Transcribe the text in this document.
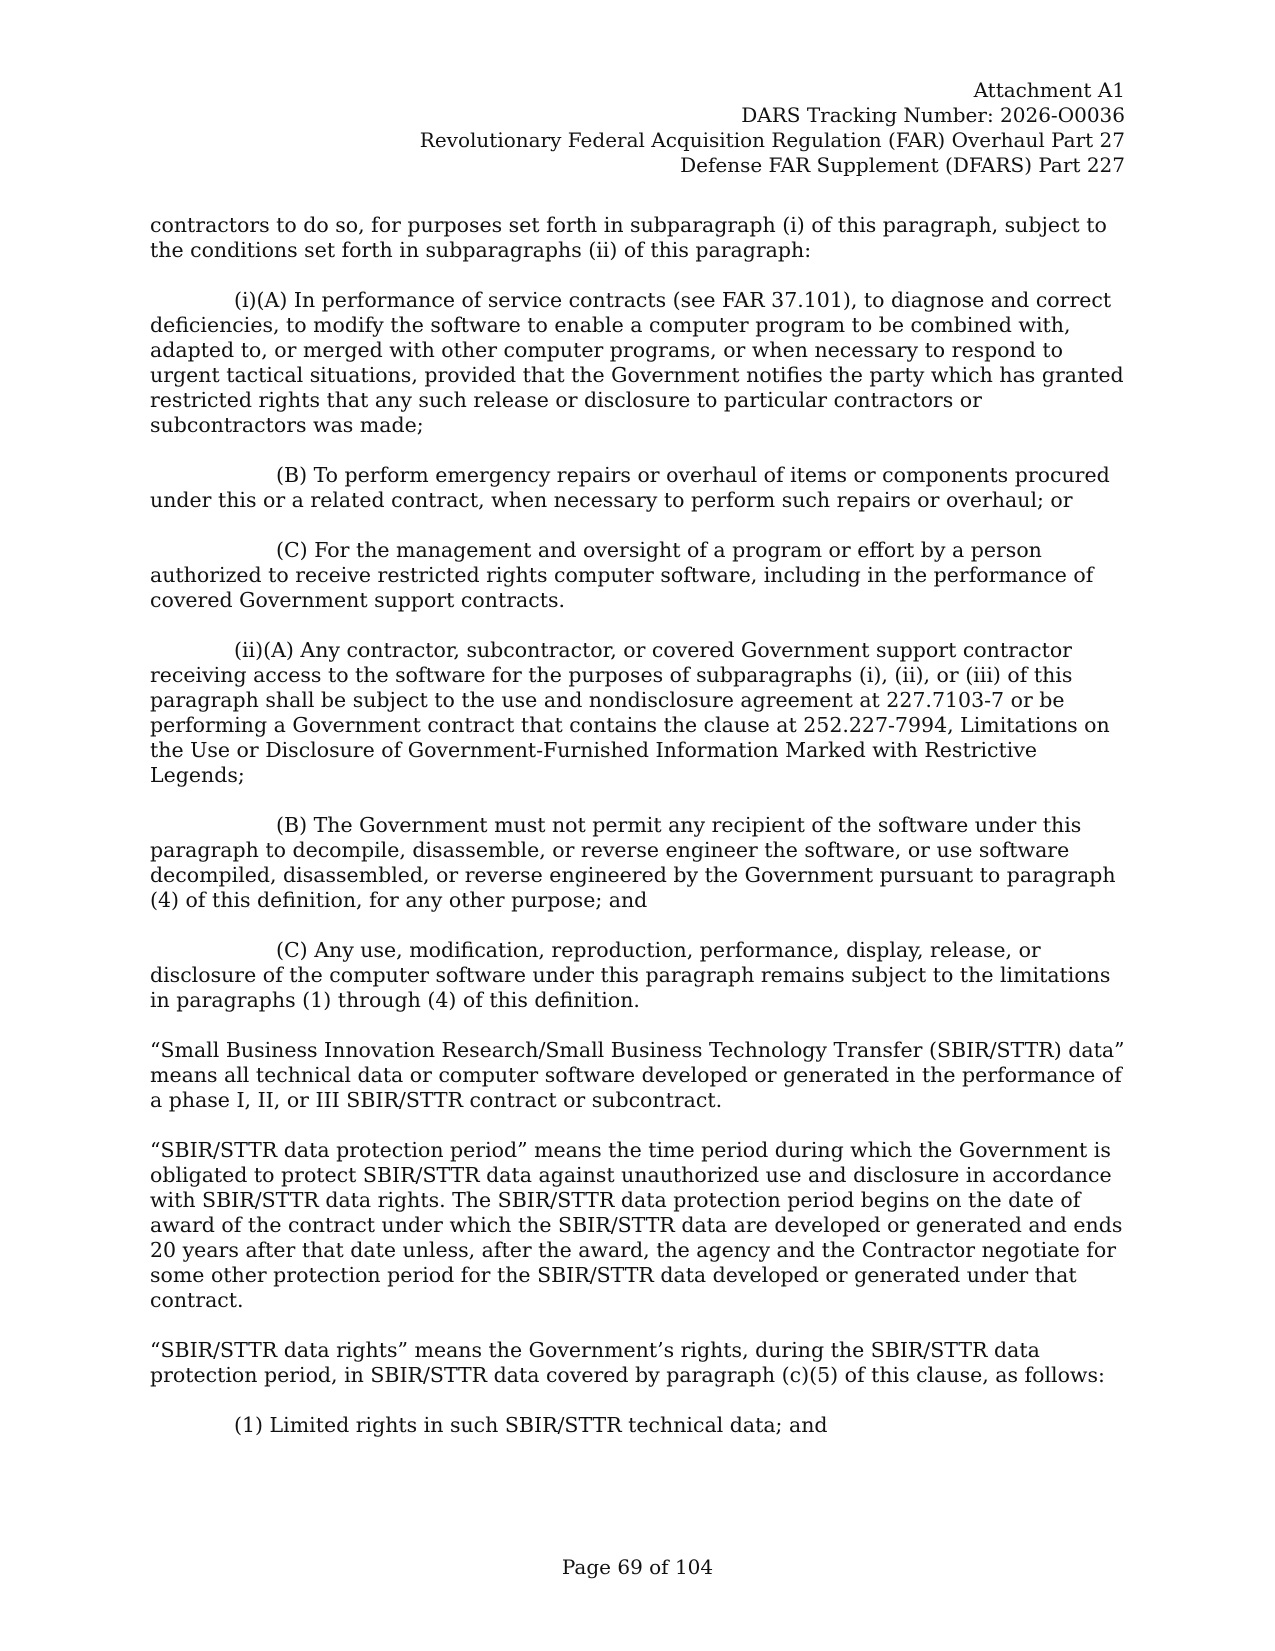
Attachment A1
DARS Tracking Number: 2026-O0036
Revolutionary Federal Acquisition Regulation (FAR) Overhaul Part 27
Defense FAR Supplement (DFARS) Part 227

contractors to do so, for purposes set forth in subparagraph (i) of this paragraph, subject to the conditions set forth in subparagraphs (ii) of this paragraph:

(i)(A) In performance of service contracts (see FAR 37.101), to diagnose and correct deficiencies, to modify the software to enable a computer program to be combined with, adapted to, or merged with other computer programs, or when necessary to respond to urgent tactical situations, provided that the Government notifies the party which has granted restricted rights that any such release or disclosure to particular contractors or subcontractors was made;

(B) To perform emergency repairs or overhaul of items or components procured under this or a related contract, when necessary to perform such repairs or overhaul; or

(C) For the management and oversight of a program or effort by a person authorized to receive restricted rights computer software, including in the performance of covered Government support contracts.

(ii)(A) Any contractor, subcontractor, or covered Government support contractor receiving access to the software for the purposes of subparagraphs (i), (ii), or (iii) of this paragraph shall be subject to the use and nondisclosure agreement at 227.7103-7 or be performing a Government contract that contains the clause at 252.227-7994, Limitations on the Use or Disclosure of Government-Furnished Information Marked with Restrictive Legends;

(B) The Government must not permit any recipient of the software under this paragraph to decompile, disassemble, or reverse engineer the software, or use software decompiled, disassembled, or reverse engineered by the Government pursuant to paragraph (4) of this definition, for any other purpose; and

(C) Any use, modification, reproduction, performance, display, release, or disclosure of the computer software under this paragraph remains subject to the limitations in paragraphs (1) through (4) of this definition.

“Small Business Innovation Research/Small Business Technology Transfer (SBIR/STTR) data” means all technical data or computer software developed or generated in the performance of a phase I, II, or III SBIR/STTR contract or subcontract.

“SBIR/STTR data protection period” means the time period during which the Government is obligated to protect SBIR/STTR data against unauthorized use and disclosure in accordance with SBIR/STTR data rights. The SBIR/STTR data protection period begins on the date of award of the contract under which the SBIR/STTR data are developed or generated and ends 20 years after that date unless, after the award, the agency and the Contractor negotiate for some other protection period for the SBIR/STTR data developed or generated under that contract.

“SBIR/STTR data rights” means the Government’s rights, during the SBIR/STTR data protection period, in SBIR/STTR data covered by paragraph (c)(5) of this clause, as follows:

(1) Limited rights in such SBIR/STTR technical data; and

Page 69 of 104
